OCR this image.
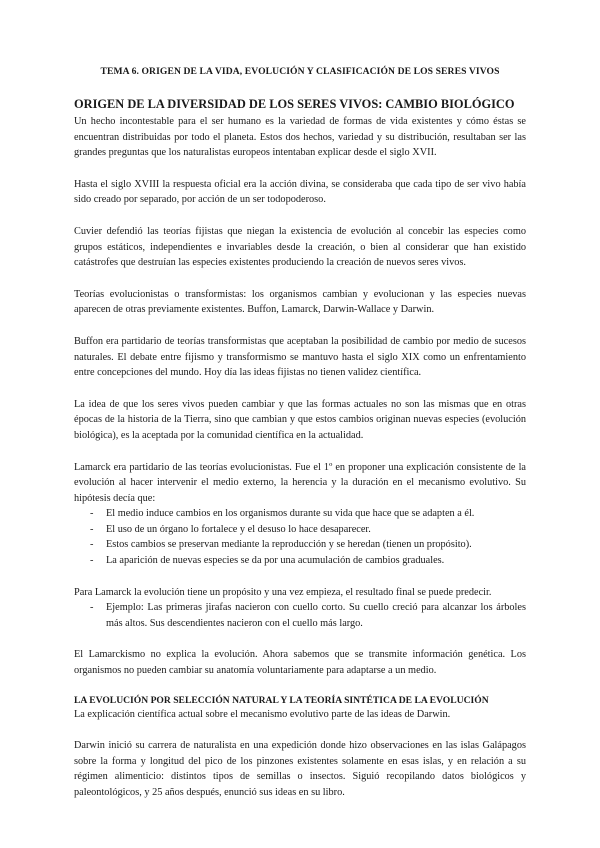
TEMA 6. ORIGEN DE LA VIDA, EVOLUCIÓN Y CLASIFICACIÓN DE LOS SERES VIVOS
ORIGEN DE LA DIVERSIDAD DE LOS SERES VIVOS: CAMBIO BIOLÓGICO

Un hecho incontestable para el ser humano es la variedad de formas de vida existentes y cómo éstas se encuentran distribuidas por todo el planeta. Estos dos hechos, variedad y su distribución, resultaban ser las grandes preguntas que los naturalistas europeos intentaban explicar desde el siglo XVII.

Hasta el siglo XVIII la respuesta oficial era la acción divina, se consideraba que cada tipo de ser vivo había sido creado por separado, por acción de un ser todopoderoso.

Cuvier defendió las teorías fijistas que niegan la existencia de evolución al concebir las especies como grupos estáticos, independientes e invariables desde la creación, o bien al considerar que han existido catástrofes que destruían las especies existentes produciendo la creación de nuevos seres vivos.

Teorías evolucionistas o transformistas: los organismos cambian y evolucionan y las especies nuevas aparecen de otras previamente existentes. Buffon, Lamarck, Darwin-Wallace y Darwin.

Buffon era partidario de teorías transformistas que aceptaban la posibilidad de cambio por medio de sucesos naturales. El debate entre fijismo y transformismo se mantuvo hasta el siglo XIX como un enfrentamiento entre concepciones del mundo. Hoy día las ideas fijistas no tienen validez científica.

La idea de que los seres vivos pueden cambiar y que las formas actuales no son las mismas que en otras épocas de la historia de la Tierra, sino que cambian y que estos cambios originan nuevas especies (evolución biológica), es la aceptada por la comunidad científica en la actualidad.

Lamarck era partidario de las teorías evolucionistas. Fue el 1º en proponer una explicación consistente de la evolución al hacer intervenir el medio externo, la herencia y la duración en el mecanismo evolutivo. Su hipótesis decía que:

- El medio induce cambios en los organismos durante su vida que hace que se adapten a él.
- El uso de un órgano lo fortalece y el desuso lo hace desaparecer.
- Estos cambios se preservan mediante la reproducción y se heredan (tienen un propósito).
- La aparición de nuevas especies se da por una acumulación de cambios graduales.

Para Lamarck la evolución tiene un propósito y una vez empieza, el resultado final se puede predecir.

- Ejemplo: Las primeras jirafas nacieron con cuello corto. Su cuello creció para alcanzar los árboles más altos. Sus descendientes nacieron con el cuello más largo.

El Lamarckismo no explica la evolución. Ahora sabemos que se transmite información genética. Los organismos no pueden cambiar su anatomía voluntariamente para adaptarse a un medio.

LA EVOLUCIÓN POR SELECCIÓN NATURAL Y LA TEORÍA SINTÉTICA DE LA EVOLUCIÓN

La explicación científica actual sobre el mecanismo evolutivo parte de las ideas de Darwin.

Darwin inició su carrera de naturalista en una expedición donde hizo observaciones en las islas Galápagos sobre la forma y longitud del pico de los pinzones existentes solamente en esas islas, y en relación a su régimen alimenticio: distintos tipos de semillas o insectos. Siguió recopilando datos biológicos y paleontológicos, y 25 años después, enunció sus ideas en su libro.
